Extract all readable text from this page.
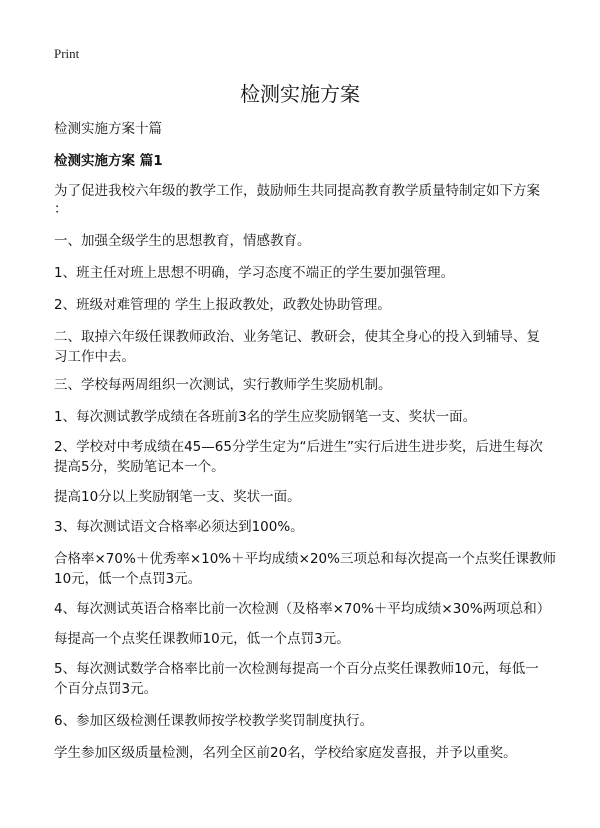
Print
检测实施方案
检测实施方案十篇
检测实施方案 篇1
为了促进我校六年级的教学工作，鼓励师生共同提高教育教学质量特制定如下方案
：
一、加强全级学生的思想教育，情感教育。
1、班主任对班上思想不明确，学习态度不端正的学生要加强管理。
2、班级对难管理的 学生上报政教处，政教处协助管理。
二、取掉六年级任课教师政治、业务笔记、教研会，使其全身心的投入到辅导、复
习工作中去。
三、学校每两周组织一次测试，实行教师学生奖励机制。
1、每次测试教学成绩在各班前3名的学生应奖励钢笔一支、奖状一面。
2、学校对中考成绩在45—65分学生定为“后进生”实行后进生进步奖，后进生每次
提高5分，奖励笔记本一个。
提高10分以上奖励钢笔一支、奖状一面。
3、每次测试语文合格率必须达到100%。
合格率×70%＋优秀率×10%＋平均成绩×20%三项总和每次提高一个点奖任课教师
10元，低一个点罚3元。
4、每次测试英语合格率比前一次检测（及格率×70%＋平均成绩×30%两项总和）
每提高一个点奖任课教师10元，低一个点罚3元。
5、每次测试数学合格率比前一次检测每提高一个百分点奖任课教师10元，每低一
个百分点罚3元。
6、参加区级检测任课教师按学校教学奖罚制度执行。
学生参加区级质量检测，名列全区前20名，学校给家庭发喜报，并予以重奖。
